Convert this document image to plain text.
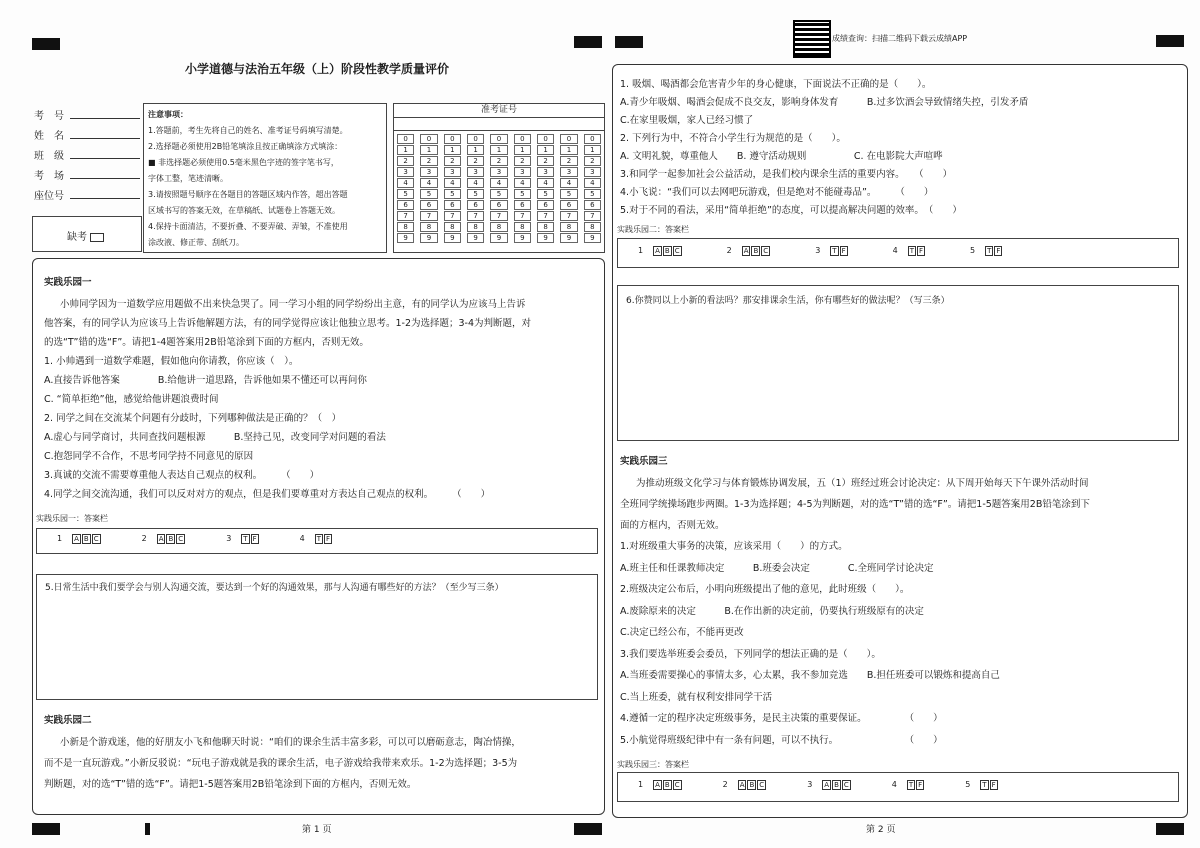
小学道德与法治五年级（上）阶段性教学质量评价
考　号
姓　名
班　级
考　场
座位号
缺考
注意事项：
1.答题前，考生先将自己的姓名、准考证号码填写清楚。
2.选择题必须使用2B铅笔填涂且按正确填涂方式填涂：
■ 非选择题必须使用0.5毫米黑色字迹的签字笔书写，
字体工整，笔迹清晰。
3.请按照题号顺序在各题目的答题区域内作答，超出答题
区域书写的答案无效，在草稿纸、试题卷上答题无效。
4.保持卡面清洁，不要折叠、不要弄破、弄皱，不准使用
涂改液、修正带、刮纸刀。
准考证号
0	0	0	0	0	0	0	0	0
1	1	1	1	1	1	1	1	1
2	2	2	2	2	2	2	2	2
3	3	3	3	3	3	3	3	3
4	4	4	4	4	4	4	4	4
5	5	5	5	5	5	5	5	5
6	6	6	6	6	6	6	6	6
7	7	7	7	7	7	7	7	7
8	8	8	8	8	8	8	8	8
9	9	9	9	9	9	9	9	9
实践乐园一
小帅同学因为一道数学应用题做不出来快急哭了。同一学习小组的同学纷纷出主意，有的同学认为应该马上告诉
他答案，有的同学认为应该马上告诉他解题方法，有的同学觉得应该让他独立思考。1-2为选择题；3-4为判断题，对
的选“T”错的选“F”。请把1-4题答案用2B铅笔涂到下面的方框内，否则无效。
1. 小帅遇到一道数学难题，假如他向你请教，你应该（　）。
A.直接告诉他答案　　　　B.给他讲一道思路，告诉他如果不懂还可以再问你
C. “简单拒绝”他，感觉给他讲题浪费时间
2. 同学之间在交流某个问题有分歧时，下列哪种做法是正确的？（　）
A.虚心与同学商讨，共同查找问题根源　　　B.坚持己见，改变同学对问题的看法
C.抱怨同学不合作，不思考同学持不同意见的原因
3.真诚的交流不需要尊重他人表达自己观点的权利。　　　（　　）
4.同学之间交流沟通，我们可以反对对方的观点，但是我们要尊重对方表达自己观点的权利。　　　（　　）
实践乐园一：答案栏
1 A B C	2 A B C	3 T F	4 T F
5.日常生活中我们要学会与别人沟通交流，要达到一个好的沟通效果，那与人沟通有哪些好的方法？（至少写三条）
实践乐园二
小新是个游戏迷，他的好朋友小飞和他聊天时说：“咱们的课余生活丰富多彩，可以可以磨砺意志，陶冶情操，
而不是一直玩游戏。”小新反驳说：“玩电子游戏就是我的课余生活，电子游戏给我带来欢乐。1-2为选择题；3-5为
判断题，对的选“T”错的选“F”。请把1-5题答案用2B铅笔涂到下面的方框内，否则无效。
第 1 页
成绩查询：扫描二维码下载云成绩APP
1. 吸烟、喝酒都会危害青少年的身心健康，下面说法不正确的是（　　）。
A.青少年吸烟、喝酒会促成不良交友，影响身体发育　　　B.过多饮酒会导致情绪失控，引发矛盾
C.在家里吸烟，家人已经习惯了
2. 下列行为中，不符合小学生行为规范的是（　　）。
A. 文明礼貌，尊重他人　　B. 遵守活动规则　　　　　C. 在电影院大声喧哗
3.和同学一起参加社会公益活动，是我们校内课余生活的重要内容。　　（　　）
4.小飞说：“我们可以去网吧玩游戏，但是绝对不能碰毒品”。　　　（　　）
5.对于不同的看法，采用“简单拒绝”的态度，可以提高解决问题的效率。　（　　）
实践乐园二：答案栏
1 A B C	2 A B C	3 T F	4 T F	5 T F
6.你赞同以上小新的看法吗？那安排课余生活，你有哪些好的做法呢？（写三条）
实践乐园三
为推动班级文化学习与体育锻炼协调发展，五（1）班经过班会讨论决定：从下周开始每天下午课外活动时间
全班同学统操场跑步两圈。1-3为选择题；4-5为判断题，对的选“T”错的选“F”。请把1-5题答案用2B铅笔涂到下
面的方框内，否则无效。
1.对班级重大事务的决策，应该采用（　　）的方式。
A.班主任和任课教师决定　　　B.班委会决定　　　　C.全班同学讨论决定
2.班级决定公布后，小明向班级提出了他的意见，此时班级（　　）。
A.废除原来的决定　　　B.在作出新的决定前，仍要执行班级原有的决定
C.决定已经公布，不能再更改
3.我们要选举班委会委员，下列同学的想法正确的是（　　）。
A.当班委需要操心的事情太多，心太累，我不参加竞选　　B.担任班委可以锻炼和提高自己
C.当上班委，就有权利安排同学干活
4.遵循一定的程序决定班级事务，是民主决策的重要保证。　　　　　（　　）
5.小航觉得班级纪律中有一条有问题，可以不执行。　　　　　　　　（　　）
实践乐园三：答案栏
1 A B C	2 A B C	3 A B C	4 T F	5 T F
第 2 页
